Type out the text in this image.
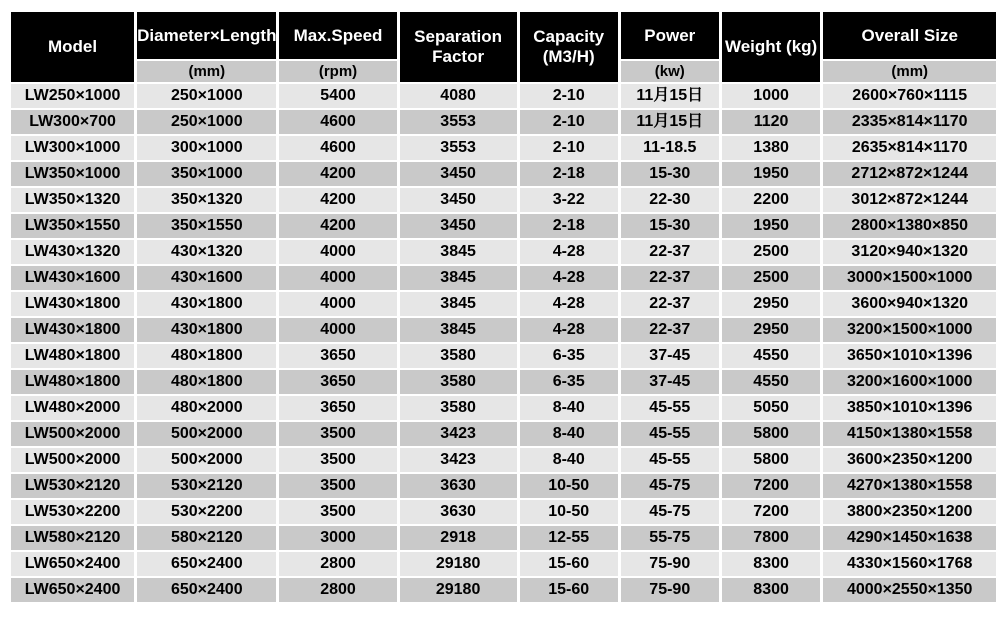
Model	Diameter×Length	Max.Speed	Separation Factor	Capacity (M3/H)	Power	Weight (kg)	Overall Size
	(mm)	(rpm)			(kw)		(mm)
LW250×1000	250×1000	5400	4080	2-10	11月15日	1000	2600×760×1115
LW300×700	250×1000	4600	3553	2-10	11月15日	1120	2335×814×1170
LW300×1000	300×1000	4600	3553	2-10	11-18.5	1380	2635×814×1170
LW350×1000	350×1000	4200	3450	2-18	15-30	1950	2712×872×1244
LW350×1320	350×1320	4200	3450	3-22	22-30	2200	3012×872×1244
LW350×1550	350×1550	4200	3450	2-18	15-30	1950	2800×1380×850
LW430×1320	430×1320	4000	3845	4-28	22-37	2500	3120×940×1320
LW430×1600	430×1600	4000	3845	4-28	22-37	2500	3000×1500×1000
LW430×1800	430×1800	4000	3845	4-28	22-37	2950	3600×940×1320
LW430×1800	430×1800	4000	3845	4-28	22-37	2950	3200×1500×1000
LW480×1800	480×1800	3650	3580	6-35	37-45	4550	3650×1010×1396
LW480×1800	480×1800	3650	3580	6-35	37-45	4550	3200×1600×1000
LW480×2000	480×2000	3650	3580	8-40	45-55	5050	3850×1010×1396
LW500×2000	500×2000	3500	3423	8-40	45-55	5800	4150×1380×1558
LW500×2000	500×2000	3500	3423	8-40	45-55	5800	3600×2350×1200
LW530×2120	530×2120	3500	3630	10-50	45-75	7200	4270×1380×1558
LW530×2200	530×2200	3500	3630	10-50	45-75	7200	3800×2350×1200
LW580×2120	580×2120	3000	2918	12-55	55-75	7800	4290×1450×1638
LW650×2400	650×2400	2800	29180	15-60	75-90	8300	4330×1560×1768
LW650×2400	650×2400	2800	29180	15-60	75-90	8300	4000×2550×1350
